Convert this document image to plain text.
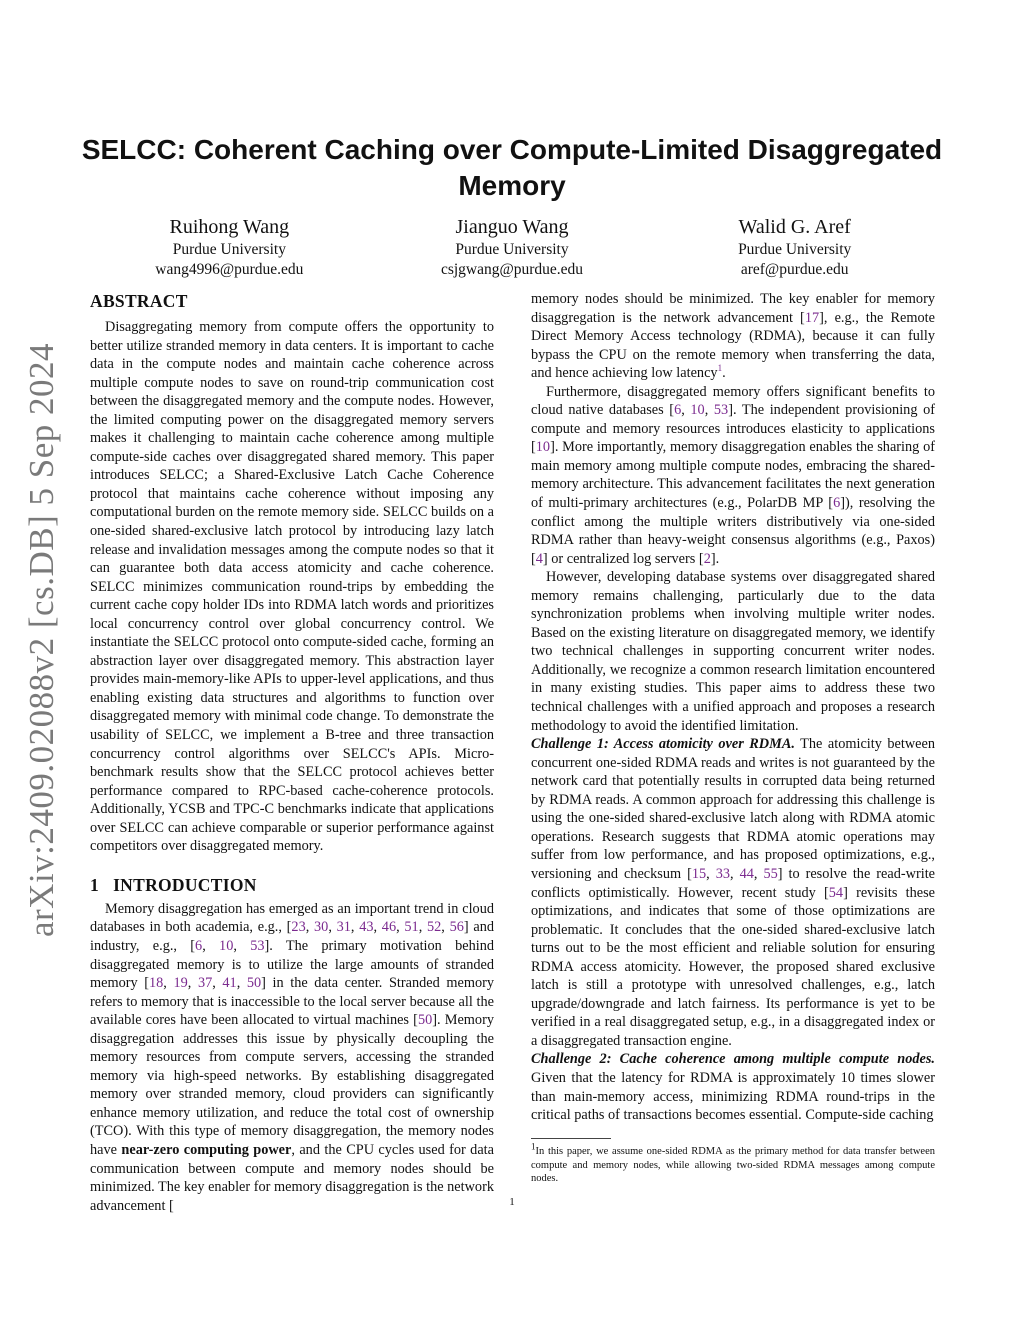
arXiv:2409.02088v2 [cs.DB] 5 Sep 2024
SELCC: Coherent Caching over Compute-Limited Disaggregated Memory
Ruihong Wang
Purdue University
wang4996@purdue.edu
Jianguo Wang
Purdue University
csjgwang@purdue.edu
Walid G. Aref
Purdue University
aref@purdue.edu
ABSTRACT

Disaggregating memory from compute offers the opportunity to better utilize stranded memory in data centers. It is important to cache data in the compute nodes and maintain cache coherence across multiple compute nodes to save on round-trip communication cost between the disaggregated memory and the compute nodes. However, the limited computing power on the disaggregated memory servers makes it challenging to maintain cache coherence among multiple compute-side caches over disaggregated shared memory. This paper introduces SELCC; a Shared-Exclusive Latch Cache Coherence protocol that maintains cache coherence without imposing any computational burden on the remote memory side. SELCC builds on a one-sided shared-exclusive latch protocol by introducing lazy latch release and invalidation messages among the compute nodes so that it can guarantee both data access atomicity and cache coherence. SELCC minimizes communication round-trips by embedding the current cache copy holder IDs into RDMA latch words and prioritizes local concurrency control over global concurrency control. We instantiate the SELCC protocol onto compute-sided cache, forming an abstraction layer over disaggregated memory. This abstraction layer provides main-memory-like APIs to upper-level applications, and thus enabling existing data structures and algorithms to function over disaggregated memory with minimal code change. To demonstrate the usability of SELCC, we implement a B-tree and three transaction concurrency control algorithms over SELCC's APIs. Micro-benchmark results show that the SELCC protocol achieves better performance compared to RPC-based cache-coherence protocols. Additionally, YCSB and TPC-C benchmarks indicate that applications over SELCC can achieve comparable or superior performance against competitors over disaggregated memory.

1 INTRODUCTION

Memory disaggregation has emerged as an important trend in cloud databases in both academia, e.g., [23, 30, 31, 43, 46, 51, 52, 56] and industry, e.g., [6, 10, 53]. The primary motivation behind disaggregated memory is to utilize the large amounts of stranded memory [18, 19, 37, 41, 50] in the data center. Stranded memory refers to memory that is inaccessible to the local server because all the available cores have been allocated to virtual machines [50]. Memory disaggregation addresses this issue by physically decoupling the memory resources from compute servers, accessing the stranded memory via high-speed networks. By establishing disaggregated memory over stranded memory, cloud providers can significantly enhance memory utilization, and reduce the total cost of ownership (TCO). With this type of memory disaggregation, the memory nodes have near-zero computing power, and the CPU cycles used for data communication between compute and memory nodes should be minimized. The key enabler for memory disaggregation is the network advancement [

memory nodes should be minimized. The key enabler for memory disaggregation is the network advancement [17], e.g., the Remote Direct Memory Access technology (RDMA), because it can fully bypass the CPU on the remote memory when transferring the data, and hence achieving low latency$^1$.

Furthermore, disaggregated memory offers significant benefits to cloud native databases [6, 10, 53]. The independent provisioning of compute and memory resources introduces elasticity to applications [10]. More importantly, memory disaggregation enables the sharing of main memory among multiple compute nodes, embracing the shared-memory architecture. This advancement facilitates the next generation of multi-primary architectures (e.g., PolarDB MP [6]), resolving the conflict among the multiple writers distributively via one-sided RDMA rather than heavy-weight consensus algorithms (e.g., Paxos) [4] or centralized log servers [2].

However, developing database systems over disaggregated shared memory remains challenging, particularly due to the data synchronization problems when involving multiple writer nodes. Based on the existing literature on disaggregated memory, we identify two technical challenges in supporting concurrent writer nodes. Additionally, we recognize a common research limitation encountered in many existing studies. This paper aims to address these two technical challenges with a unified approach and proposes a research methodology to avoid the identified limitation.

Challenge 1: Access atomicity over RDMA. The atomicity between concurrent one-sided RDMA reads and writes is not guaranteed by the network card that potentially results in corrupted data being returned by RDMA reads. A common approach for addressing this challenge is using the one-sided shared-exclusive latch along with RDMA atomic operations. Research suggests that RDMA atomic operations may suffer from low performance, and has proposed optimizations, e.g., versioning and checksum [15, 33, 44, 55] to resolve the read-write conflicts optimistically. However, recent study [54] revisits these optimizations, and indicates that some of those optimizations are problematic. It concludes that the one-sided shared-exclusive latch turns out to be the most efficient and reliable solution for ensuring RDMA access atomicity. However, the proposed shared exclusive latch is still a prototype with unresolved challenges, e.g., latch upgrade/downgrade and latch fairness. Its performance is yet to be verified in a real disaggregated setup, e.g., in a disaggregated index or a disaggregated transaction engine.

Challenge 2: Cache coherence among multiple compute nodes. Given that the latency for RDMA is approximately 10 times slower than main-memory access, minimizing RDMA round-trips in the critical paths of transactions becomes essential. Compute-side caching

1In this paper, we assume one-sided RDMA as the primary method for data transfer between compute and memory nodes, while allowing two-sided RDMA messages among compute nodes.
1
